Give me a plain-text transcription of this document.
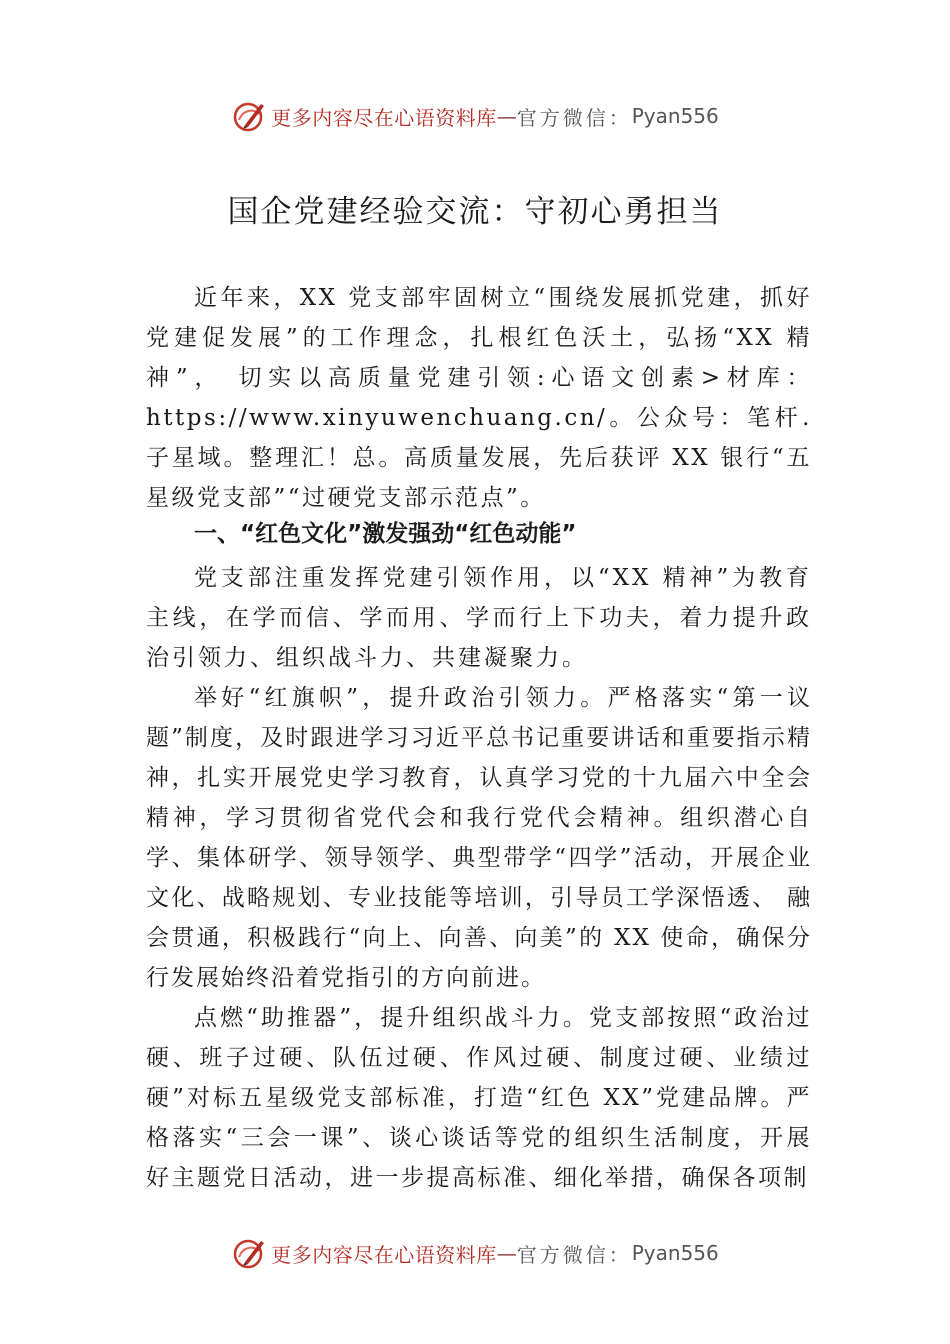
更多内容尽在心语资料库 — 官方微信： Pyan556
国企党建经验交流：守初心勇担当

近年来，XX 党支部牢固树立“围绕发展抓党建，抓好党建促发展”的工作理念，扎根红色沃土，弘扬“XX 精神”， 切实以高质量党建引领:心语文创素>材库：https://www.xinyuwenchuang.cn/。公众号：笔杆.子星域。整理汇！总。高质量发展，先后获评 XX 银行“五星级党支部”“过硬党支部示范点”。

一、“红色文化”激发强劲“红色动能”

党支部注重发挥党建引领作用，以“XX 精神”为教育主线，在学而信、学而用、学而行上下功夫，着力提升政治引领力、组织战斗力、共建凝聚力。

举好“红旗帜”，提升政治引领力。严格落实“第一议题”制度，及时跟进学习习近平总书记重要讲话和重要指示精神，扎实开展党史学习教育，认真学习党的十九届六中全会精神，学习贯彻省党代会和我行党代会精神。组织潜心自学、集体研学、领导领学、典型带学“四学”活动，开展企业文化、战略规划、专业技能等培训，引导员工学深悟透、 融会贯通，积极践行“向上、向善、向美”的 XX 使命，确保分行发展始终沿着党指引的方向前进。

点燃“助推器”，提升组织战斗力。党支部按照“政治过硬、班子过硬、队伍过硬、作风过硬、制度过硬、业绩过硬”对标五星级党支部标准，打造“红色 XX”党建品牌。严格落实“三会一课”、谈心谈话等党的组织生活制度，开展好主题党日活动，进一步提高标准、细化举措，确保各项制

更多内容尽在心语资料库 — 官方微信： Pyan556
